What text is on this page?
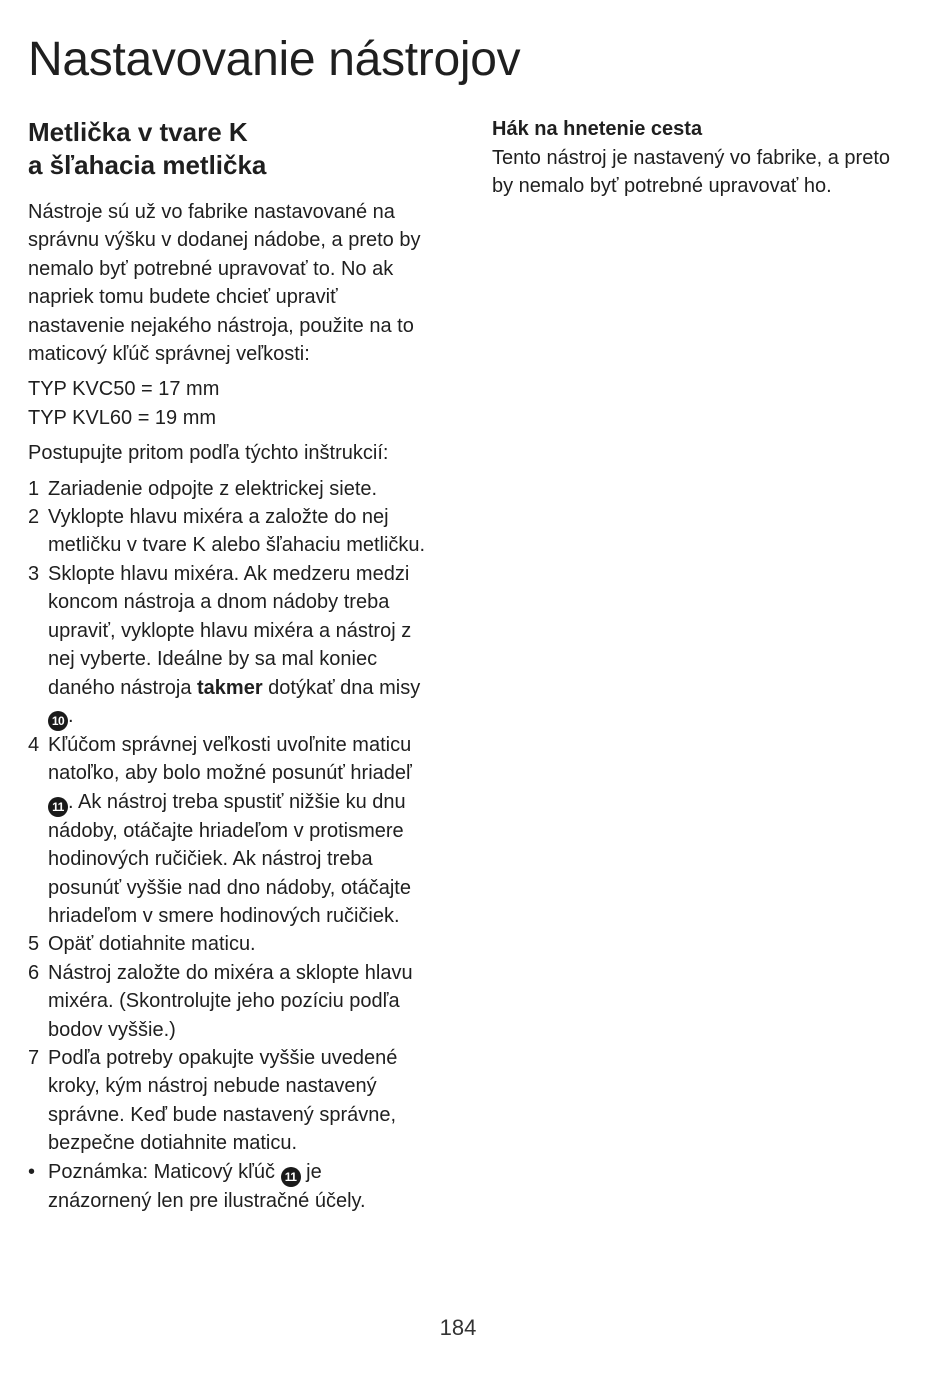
Nastavovanie nástrojov
Metlička v tvare K
a šľahacia metlička

Nástroje sú už vo fabrike nastavované na správnu výšku v dodanej nádobe, a preto by nemalo byť potrebné upravovať to. No ak napriek tomu budete chcieť upraviť nastavenie nejakého nástroja, použite na to maticový kľúč správnej veľkosti:

TYP KVC50 = 17 mm
TYP KVL60 = 19 mm

Postupujte pritom podľa týchto inštrukcií:

1 Zariadenie odpojte z elektrickej siete.
2 Vyklopte hlavu mixéra a založte do nej metličku v tvare K alebo šľahaciu metličku.
3 Sklopte hlavu mixéra. Ak medzeru medzi koncom nástroja a dnom nádoby treba upraviť, vyklopte hlavu mixéra a nástroj z nej vyberte. Ideálne by sa mal koniec daného nástroja takmer dotýkať dna misy 10 .
4 Kľúčom správnej veľkosti uvoľnite maticu natoľko, aby bolo možné posunúť hriadeľ 11 . Ak nástroj treba spustiť nižšie ku dnu nádoby, otáčajte hriadeľom v protismere hodinových ručičiek. Ak nástroj treba posunúť vyššie nad dno nádoby, otáčajte hriadeľom v smere hodinových ručičiek.
5 Opäť dotiahnite maticu.
6 Nástroj založte do mixéra a sklopte hlavu mixéra. (Skontrolujte jeho pozíciu podľa bodov vyššie.)
7 Podľa potreby opakujte vyššie uvedené kroky, kým nástroj nebude nastavený správne. Keď bude nastavený správne, bezpečne dotiahnite maticu.
• Poznámka: Maticový kľúč 11 je znázornený len pre ilustračné účely.
Hák na hnetenie cesta

Tento nástroj je nastavený vo fabrike, a preto by nemalo byť potrebné upravovať ho.

184
